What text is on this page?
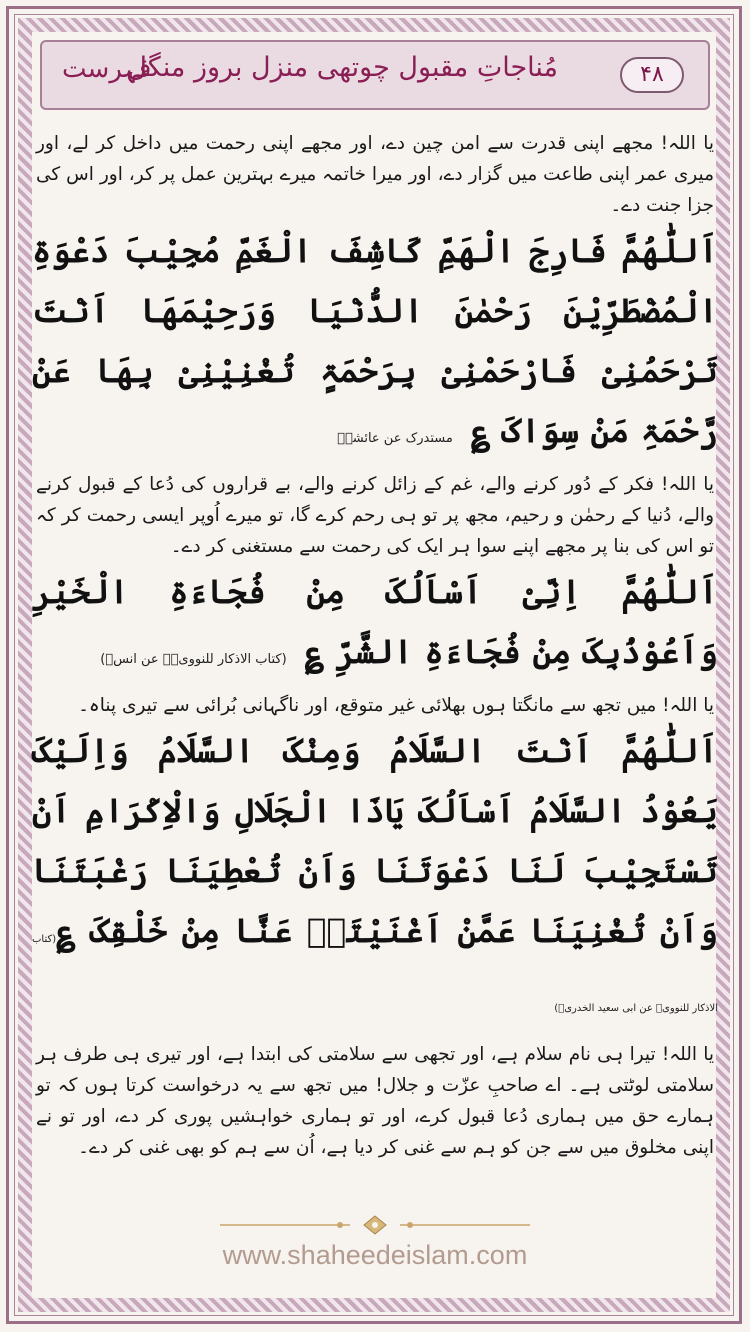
۴۸
مُناجاتِ مقبول چوتھی منزل بروز منگل
فہرست

یا اللہ! مجھے اپنی قدرت سے امن چین دے، اور مجھے اپنی رحمت میں داخل کر لے، اور میری عمر اپنی طاعت میں گزار دے، اور میرا خاتمہ میرے بہترین عمل پر کر، اور اس کی جزا جنت دے۔

اَللّٰھُمَّ فَارِجَ الْھَمِّ کَاشِفَ الْغَمِّ مُجِیْبَ دَعْوَۃِ الْمُضْطَرِّیْنَ رَحْمٰنَ الدُّنْیَا وَرَحِیْمَھَا اَنْتَ تَرْحَمُنِیْ فَارْحَمْنِیْ بِرَحْمَۃٍ تُغْنِیْنِیْ بِھَا عَنْ رَّحْمَۃِ مَنْ سِوَاکَ ؏مستدرک عن عائشہؓ

یا اللہ! فکر کے دُور کرنے والے، غم کے زائل کرنے والے، بے قراروں کی دُعا کے قبول کرنے والے، دُنیا کے رحمٰن و رحیم، مجھ پر تو ہی رحم کرے گا، تو میرے اُوپر ایسی رحمت کر کہ تو اس کی بنا پر مجھے اپنے سوا ہر ایک کی رحمت سے مستغنی کر دے۔

اَللّٰھُمَّ اِنِّیْ اَسْاَلُکَ مِنْ فُجَاءَۃِ الْخَیْرِ وَاَعُوْذُبِکَ مِنْ فُجَاءَۃِ الشَّرِّ ؏(کتاب الاذکار للنوویؒ۔ عن انسؓ)

یا اللہ! میں تجھ سے مانگتا ہوں بھلائی غیر متوقع، اور ناگہانی بُرائی سے تیری پناہ۔

اَللّٰھُمَّ اَنْتَ السَّلَامُ وَمِنْکَ السَّلَامُ وَاِلَیْکَ یَعُوْدُ السَّلَامُ اَسْاَلُکَ یَاذَا الْجَلَالِ وَالْاِکْرَامِ اَنْ تَسْتَجِیْبَ لَنَا دَعْوَتَنَا وَاَنْ تُعْطِیَنَا رَغْبَتَنَا وَاَنْ تُغْنِیَنَا عَمَّنْ اَغْنَیْتَہٗ عَنَّا مِنْ خَلْقِکَ ؏(کتاب الاذکار للنوویؒ عن ابی سعید الخدریؓ)

یا اللہ! تیرا ہی نام سلام ہے، اور تجھی سے سلامتی کی ابتدا ہے، اور تیری ہی طرف ہر سلامتی لوٹتی ہے۔ اے صاحبِ عزّت و جلال! میں تجھ سے یہ درخواست کرتا ہوں کہ تو ہمارے حق میں ہماری دُعا قبول کرے، اور تو ہماری خواہشیں پوری کر دے، اور تو نے اپنی مخلوق میں سے جن کو ہم سے غنی کر دیا ہے، اُن سے ہم کو بھی غنی کر دے۔

www.shaheedeislam.com
